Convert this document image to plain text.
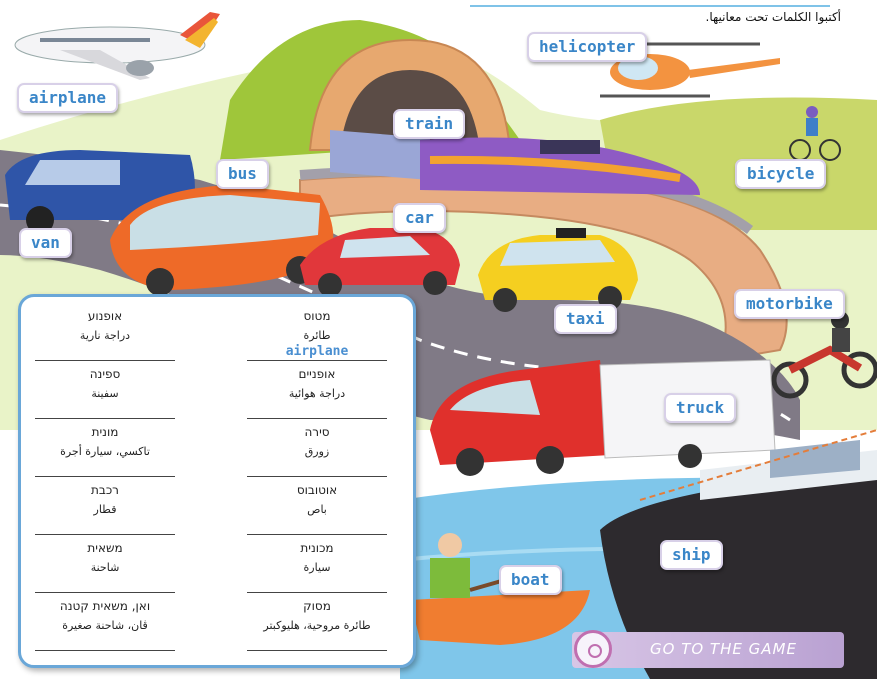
أكتبوا الكلمات تحت معانيها.
airplane
helicopter
train
bus	bicycle
car
van
motorbike
taxi
truck
ship
boat
מטוס
طائرة
airplane
אופניים
دراجة هوائية
סירה
زورق
אוטובוס
باص
מכונית
سيارة
מסוק
طائرة مروحية، هليوكبتر
אופנוע
دراجة نارية
ספינה
سفينة
מונית
تاكسي، سيارة أجرة
רכבת
قطار
משאית
شاحنة
ואן, משאית קטנה
ڤان، شاحنة صغيرة
GO TO THE GAME
